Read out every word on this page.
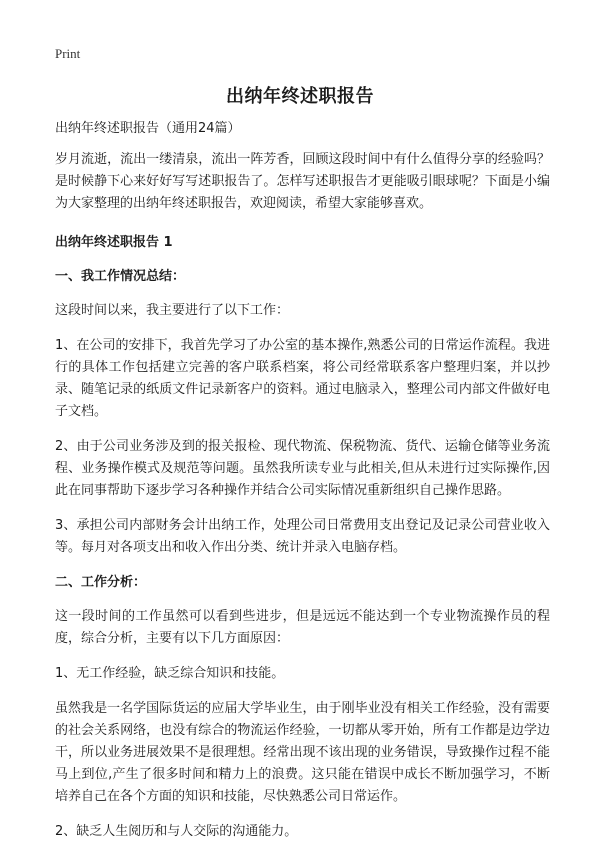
Print
出纳年终述职报告

出纳年终述职报告（通用24篇）

岁月流逝，流出一缕清泉，流出一阵芳香，回顾这段时间中有什么值得分享的经验吗？是时候静下心来好好写写述职报告了。怎样写述职报告才更能吸引眼球呢？下面是小编为大家整理的出纳年终述职报告，欢迎阅读，希望大家能够喜欢。

出纳年终述职报告 1

一、我工作情况总结：

这段时间以来，我主要进行了以下工作：

1、在公司的安排下，我首先学习了办公室的基本操作,熟悉公司的日常运作流程。我进行的具体工作包括建立完善的客户联系档案，将公司经常联系客户整理归案，并以抄录、随笔记录的纸质文件记录新客户的资料。通过电脑录入，整理公司内部文件做好电子文档。

2、由于公司业务涉及到的报关报检、现代物流、保税物流、货代、运输仓储等业务流程、业务操作模式及规范等问题。虽然我所读专业与此相关,但从未进行过实际操作,因此在同事帮助下逐步学习各种操作并结合公司实际情况重新组织自己操作思路。

3、承担公司内部财务会计出纳工作，处理公司日常费用支出登记及记录公司营业收入等。每月对各项支出和收入作出分类、统计并录入电脑存档。

二、工作分析：

这一段时间的工作虽然可以看到些进步，但是远远不能达到一个专业物流操作员的程度，综合分析，主要有以下几方面原因：

1、无工作经验，缺乏综合知识和技能。

虽然我是一名学国际货运的应届大学毕业生，由于刚毕业没有相关工作经验，没有需要的社会关系网络，也没有综合的物流运作经验，一切都从零开始，所有工作都是边学边干，所以业务进展效果不是很理想。经常出现不该出现的业务错误，导致操作过程不能马上到位,产生了很多时间和精力上的浪费。这只能在错误中成长不断加强学习，不断培养自己在各个方面的知识和技能，尽快熟悉公司日常运作。

2、缺乏人生阅历和与人交际的沟通能力。
